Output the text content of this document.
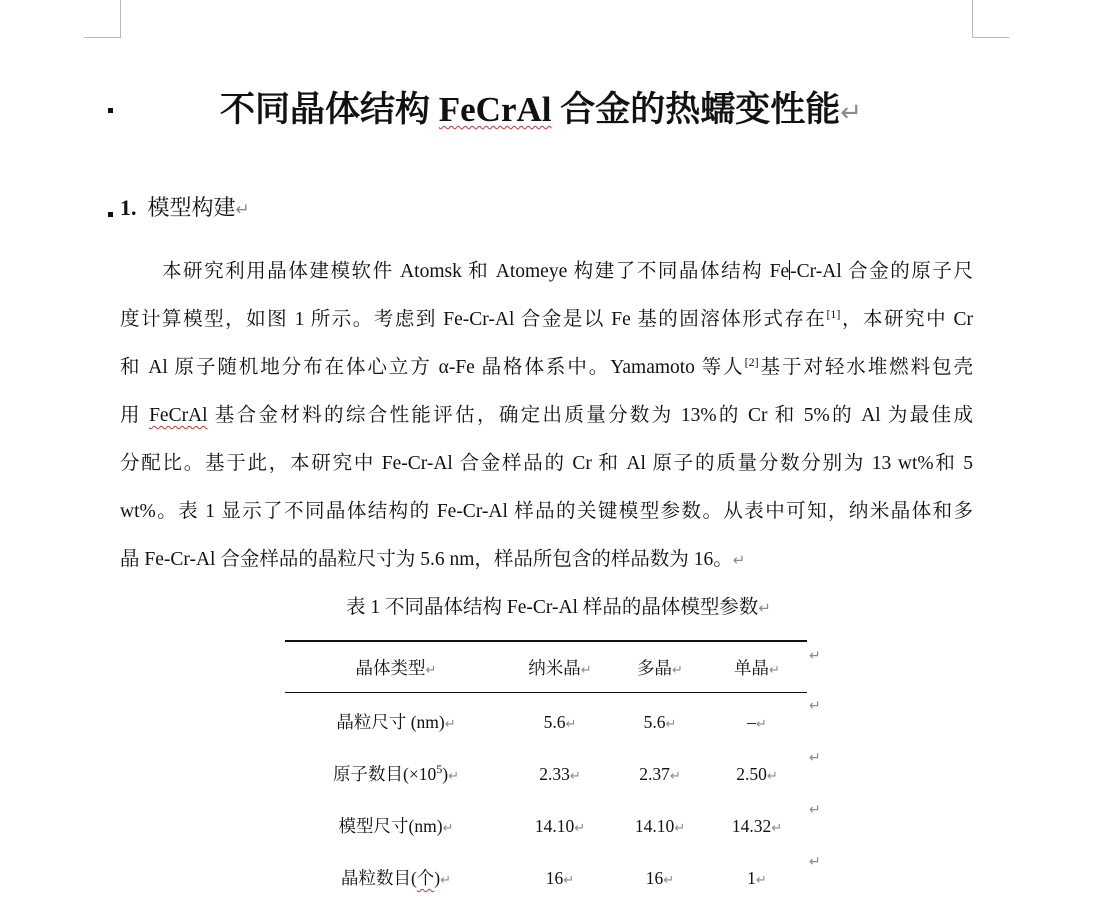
不同晶体结构 FeCrAl 合金的热蠕变性能↵
1. 模型构建↵
本研究利用晶体建模软件 Atomsk 和 Atomeye 构建了不同晶体结构 Fe-Cr-Al 合金的原子尺
度计算模型，如图 1 所示。考虑到 Fe-Cr-Al 合金是以 Fe 基的固溶体形式存在[1]，本研究中 Cr
和 Al 原子随机地分布在体心立方 α-Fe 晶格体系中。Yamamoto 等人[2]基于对轻水堆燃料包壳
用 FeCrAl 基合金材料的综合性能评估，确定出质量分数为 13%的 Cr 和 5%的 Al 为最佳成
分配比。基于此，本研究中 Fe-Cr-Al 合金样品的 Cr 和 Al 原子的质量分数分别为 13 wt%和 5
wt%。表 1 显示了不同晶体结构的 Fe-Cr-Al 样品的关键模型参数。从表中可知，纳米晶体和多
晶 Fe-Cr-Al 合金样品的晶粒尺寸为 5.6 nm，样品所包含的样品数为 16。↵
表 1 不同晶体结构 Fe-Cr-Al 样品的晶体模型参数↵
晶体类型↵	纳米晶↵	多晶↵	单晶↵
↵
晶粒尺寸 (nm)↵	5.6↵	5.6↵	–↵
↵
原子数目$(\times 10^5)↵$	2.33↵	2.37↵	2.50↵
↵
模型尺寸(nm)↵	14.10↵	14.10↵	14.32↵
↵
晶粒数目(个)↵	16↵	16↵	1↵
↵
